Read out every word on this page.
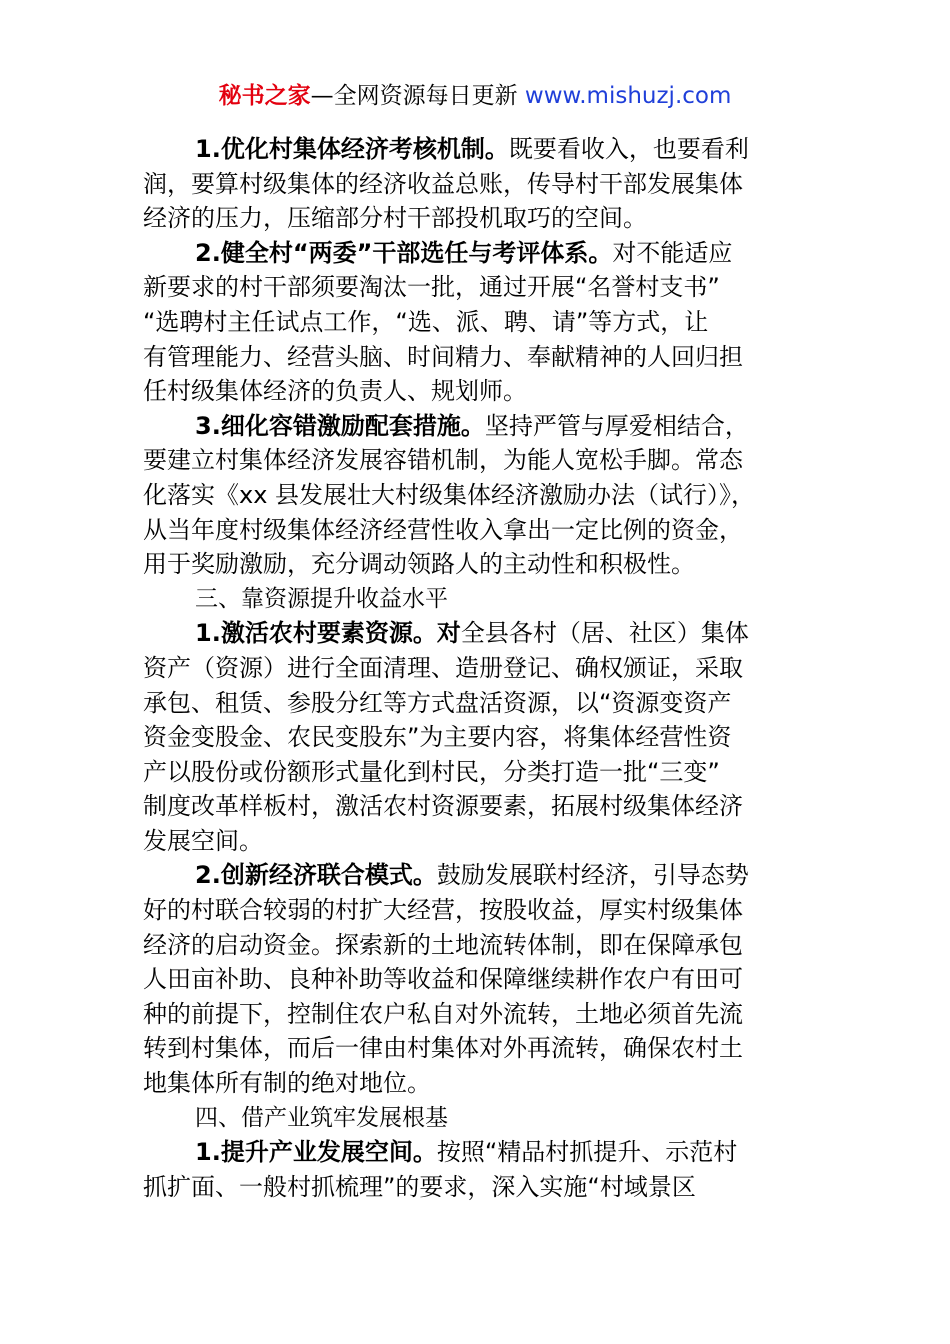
秘书之家—全网资源每日更新 www.mishuzj.com
1.优化村集体经济考核机制。既要看收入，也要看利
润，要算村级集体的经济收益总账，传导村干部发展集体
经济的压力，压缩部分村干部投机取巧的空间。
2.健全村“两委”干部选任与考评体系。对不能适应
新要求的村干部须要淘汰一批，通过开展“名誉村支书”
“选聘村主任试点工作，“选、派、聘、请”等方式，让
有管理能力、经营头脑、时间精力、奉献精神的人回归担
任村级集体经济的负责人、规划师。
3.细化容错激励配套措施。坚持严管与厚爱相结合，
要建立村集体经济发展容错机制，为能人宽松手脚。常态
化落实《xx 县发展壮大村级集体经济激励办法（试行）》，
从当年度村级集体经济经营性收入拿出一定比例的资金，
用于奖励激励，充分调动领路人的主动性和积极性。
三、靠资源提升收益水平
1.激活农村要素资源。对全县各村（居、社区）集体
资产（资源）进行全面清理、造册登记、确权颁证，采取
承包、租赁、参股分红等方式盘活资源，以“资源变资产
资金变股金、农民变股东”为主要内容，将集体经营性资
产以股份或份额形式量化到村民，分类打造一批“三变”
制度改革样板村，激活农村资源要素，拓展村级集体经济
发展空间。
2.创新经济联合模式。鼓励发展联村经济，引导态势
好的村联合较弱的村扩大经营，按股收益，厚实村级集体
经济的启动资金。探索新的土地流转体制，即在保障承包
人田亩补助、良种补助等收益和保障继续耕作农户有田可
种的前提下，控制住农户私自对外流转，土地必须首先流
转到村集体，而后一律由村集体对外再流转，确保农村土
地集体所有制的绝对地位。
四、借产业筑牢发展根基
1.提升产业发展空间。按照“精品村抓提升、示范村
抓扩面、一般村抓梳理”的要求，深入实施“村域景区
